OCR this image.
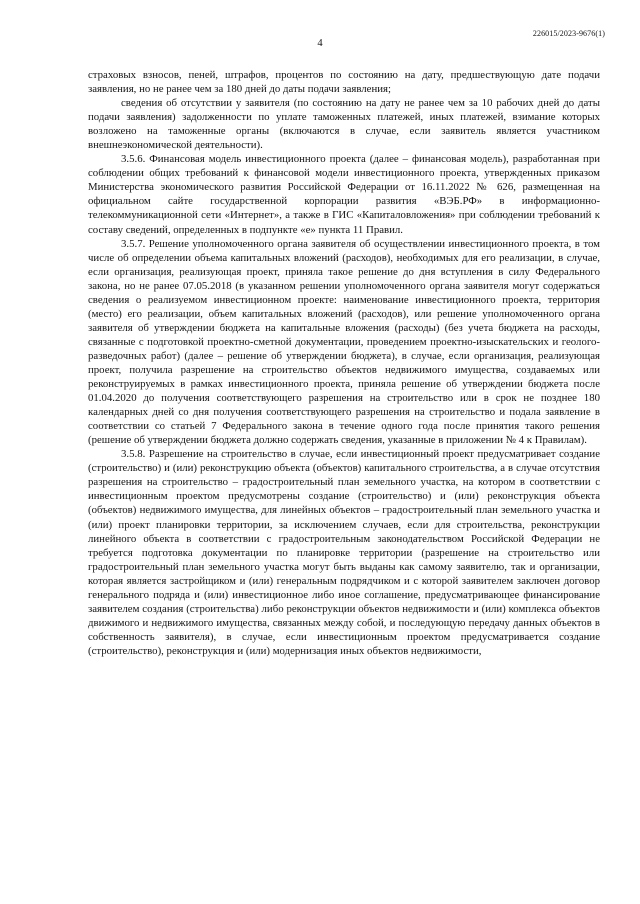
226015/2023-9676(1)
4

страховых взносов, пеней, штрафов, процентов по состоянию на дату, предшествующую дате подачи заявления, но не ранее чем за 180 дней до даты подачи заявления;

сведения об отсутствии у заявителя (по состоянию на дату не ранее чем за 10 рабочих дней до даты подачи заявления) задолженности по уплате таможенных платежей, иных платежей, взимание которых возложено на таможенные органы (включаются в случае, если заявитель является участником внешнеэкономической деятельности).

3.5.6. Финансовая модель инвестиционного проекта (далее – финансовая модель), разработанная при соблюдении общих требований к финансовой модели инвестиционного проекта, утвержденных приказом Министерства экономического развития Российской Федерации от 16.11.2022 № 626, размещенная на официальном сайте государственной корпорации развития «ВЭБ.РФ» в информационно-телекоммуникационной сети «Интернет», а также в ГИС «Капиталовложения» при соблюдении требований к составу сведений, определенных в подпункте «е» пункта 11 Правил.

3.5.7. Решение уполномоченного органа заявителя об осуществлении инвестиционного проекта, в том числе об определении объема капитальных вложений (расходов), необходимых для его реализации, в случае, если организация, реализующая проект, приняла такое решение до дня вступления в силу Федерального закона, но не ранее 07.05.2018 (в указанном решении уполномоченного органа заявителя могут содержаться сведения о реализуемом инвестиционном проекте: наименование инвестиционного проекта, территория (место) его реализации, объем капитальных вложений (расходов), или решение уполномоченного органа заявителя об утверждении бюджета на капитальные вложения (расходы) (без учета бюджета на расходы, связанные с подготовкой проектно-сметной документации, проведением проектно-изыскательских и геолого-разведочных работ) (далее – решение об утверждении бюджета), в случае, если организация, реализующая проект, получила разрешение на строительство объектов недвижимого имущества, создаваемых или реконструируемых в рамках инвестиционного проекта, приняла решение об утверждении бюджета после 01.04.2020 до получения соответствующего разрешения на строительство или в срок не позднее 180 календарных дней со дня получения соответствующего разрешения на строительство и подала заявление в соответствии со статьей 7 Федерального закона в течение одного года после принятия такого решения (решение об утверждении бюджета должно содержать сведения, указанные в приложении № 4 к Правилам).

3.5.8. Разрешение на строительство в случае, если инвестиционный проект предусматривает создание (строительство) и (или) реконструкцию объекта (объектов) капитального строительства, а в случае отсутствия разрешения на строительство – градостроительный план земельного участка, на котором в соответствии с инвестиционным проектом предусмотрены создание (строительство) и (или) реконструкция объекта (объектов) недвижимого имущества, для линейных объектов – градостроительный план земельного участка и (или) проект планировки территории, за исключением случаев, если для строительства, реконструкции линейного объекта в соответствии с градостроительным законодательством Российской Федерации не требуется подготовка документации по планировке территории (разрешение на строительство или градостроительный план земельного участка могут быть выданы как самому заявителю, так и организации, которая является застройщиком и (или) генеральным подрядчиком и с которой заявителем заключен договор генерального подряда и (или) инвестиционное либо иное соглашение, предусматривающее финансирование заявителем создания (строительства) либо реконструкции объектов недвижимости и (или) комплекса объектов движимого и недвижимого имущества, связанных между собой, и последующую передачу данных объектов в собственность заявителя), в случае, если инвестиционным проектом предусматривается создание (строительство), реконструкция и (или) модернизация иных объектов недвижимости,
